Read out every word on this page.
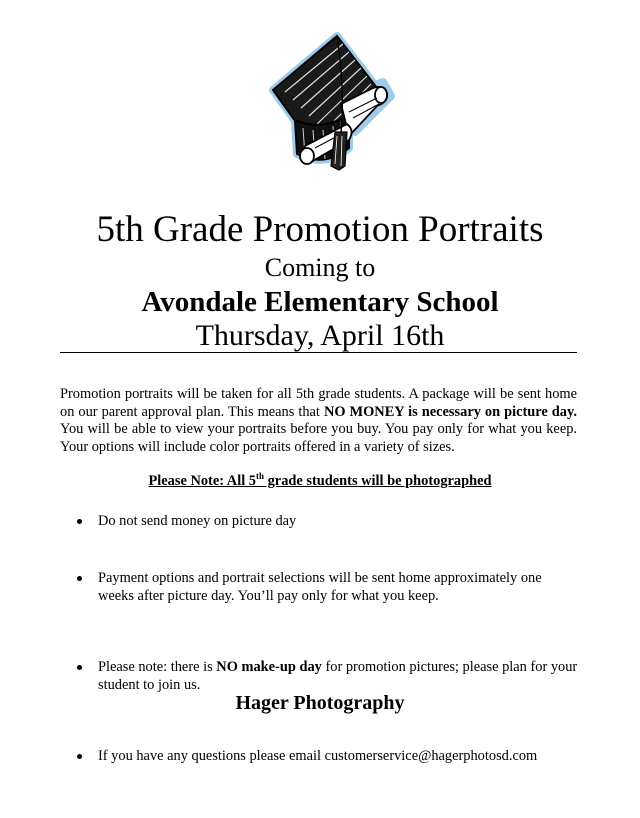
5th Grade Promotion Portraits
Coming to
Avondale Elementary School
Thursday, April 16th
Promotion portraits will be taken for all 5th grade students. A package will be sent home on our parent approval plan. This means that NO MONEY is necessary on picture day. You will be able to view your portraits before you buy. You pay only for what you keep. Your options will include color portraits offered in a variety of sizes.
Please Note: All 5th grade students will be photographed
Do not send money on picture day
Payment options and portrait selections will be sent home approximately one weeks after picture day. You’ll pay only for what you keep.
Please note: there is NO make-up day for promotion pictures; please plan for your student to join us.
If you have any questions please email customerservice@hagerphotosd.com
Hager Photography
